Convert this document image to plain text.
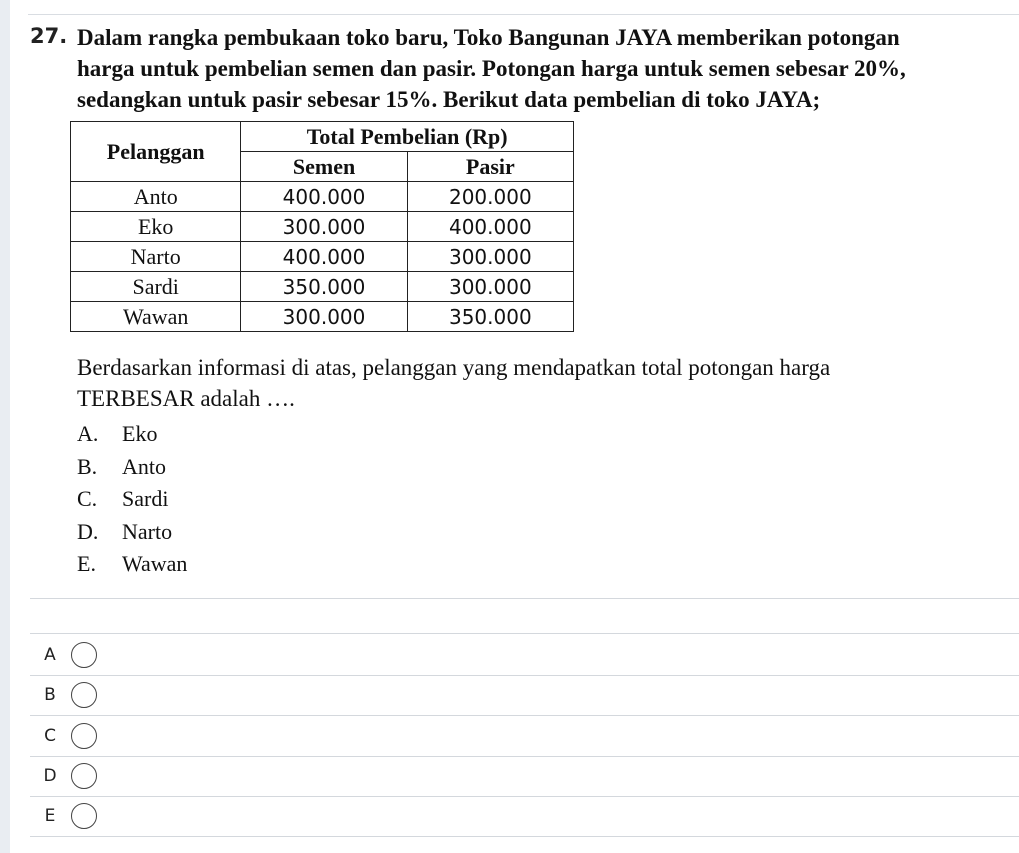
27. Dalam rangka pembukaan toko baru, Toko Bangunan JAYA memberikan potongan
harga untuk pembelian semen dan pasir. Potongan harga untuk semen sebesar 20%,
sedangkan untuk pasir sebesar 15%. Berikut data pembelian di toko JAYA;

Pelanggan	Total Pembelian (Rp)	
	Semen	Pasir
Anto	400.000	200.000
Eko	300.000	400.000
Narto	400.000	300.000
Sardi	350.000	300.000
Wawan	300.000	350.000

Berdasarkan informasi di atas, pelanggan yang mendapatkan total potongan harga
TERBESAR adalah ….

A. Eko
B. Anto
C. Sardi
D. Narto
E. Wawan
A
B
C
D
E
